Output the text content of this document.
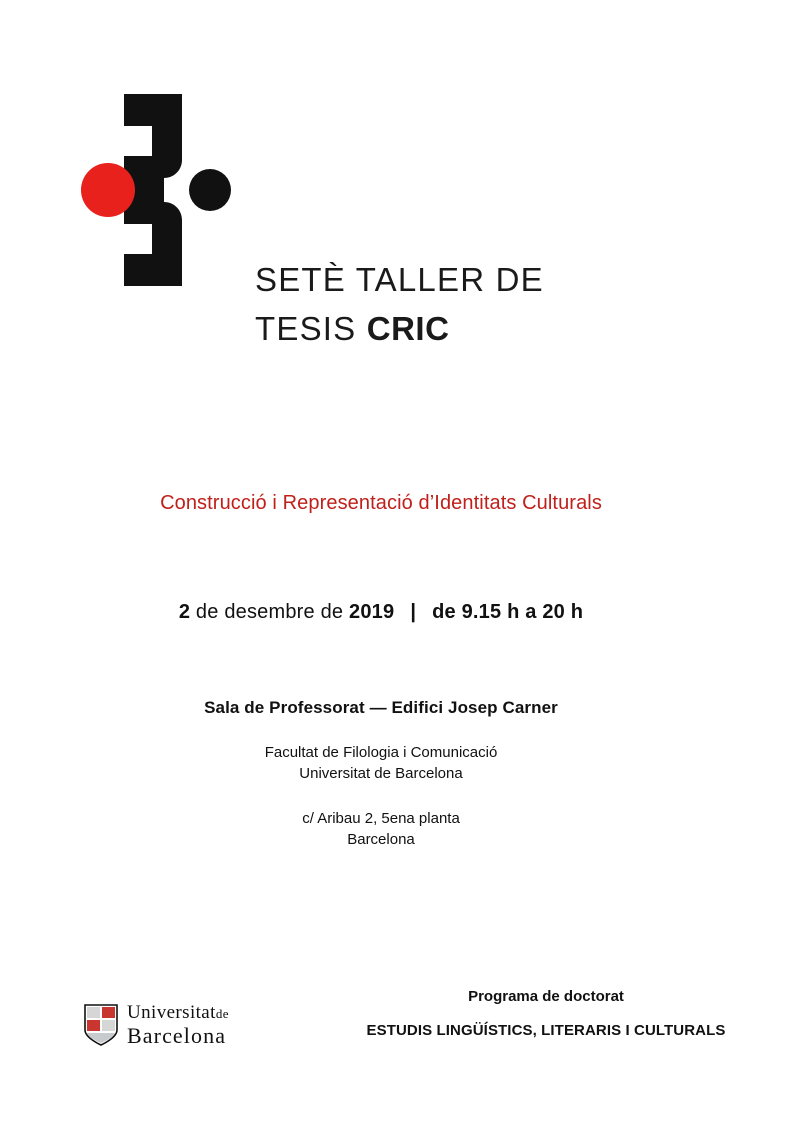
SETÈ TALLER DE
TESIS CRIC
Construcció i Representació d’Identitats Culturals
2 de desembre de 2019 | de 9.15 h a 20 h
Sala de Professorat — Edifici Josep Carner
Facultat de Filologia i Comunicació
Universitat de Barcelona
c/ Aribau 2, 5ena planta
Barcelona
Universitatde
Barcelona
Programa de doctorat
ESTUDIS LINGÜÍSTICS, LITERARIS I CULTURALS
